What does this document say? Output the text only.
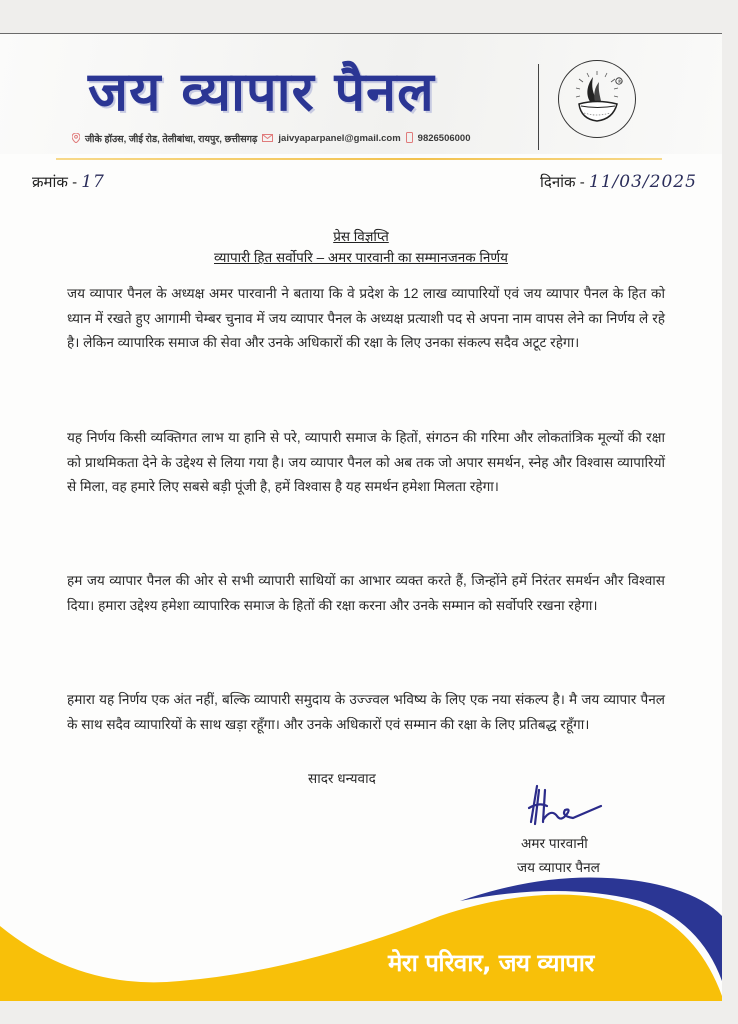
जय व्यापार पैनल
जीके हॉउस, जीई रोड, तेलीबांधा, रायपुर, छत्तीसगढ़ jaivyaparpanel@gmail.com 9826506000
®
क्रमांक - 17	दिनांक - 11/03/2025
प्रेस विज्ञप्ति
व्यापारी हित सर्वोपरि – अमर पारवानी का सम्मानजनक निर्णय
जय व्यापार पैनल के अध्यक्ष अमर पारवानी ने बताया कि वे प्रदेश के 12 लाख व्यापारियों एवं जय व्यापार पैनल के हित को ध्यान में रखते हुए आगामी चेम्बर चुनाव में जय व्यापार पैनल के अध्यक्ष प्रत्याशी पद से अपना नाम वापस लेने का निर्णय ले रहे है। लेकिन व्यापारिक समाज की सेवा और उनके अधिकारों की रक्षा के लिए उनका संकल्प सदैव अटूट रहेगा।
यह निर्णय किसी व्यक्तिगत लाभ या हानि से परे, व्यापारी समाज के हितों, संगठन की गरिमा और लोकतांत्रिक मूल्यों की रक्षा को प्राथमिकता देने के उद्देश्य से लिया गया है। जय व्यापार पैनल को अब तक जो अपार समर्थन, स्नेह और विश्वास व्यापारियों से मिला, वह हमारे लिए सबसे बड़ी पूंजी है, हमें विश्वास है यह समर्थन हमेशा मिलता रहेगा।
हम जय व्यापार पैनल की ओर से सभी व्यापारी साथियों का आभार व्यक्त करते हैं, जिन्होंने हमें निरंतर समर्थन और विश्वास दिया। हमारा उद्देश्य हमेशा व्यापारिक समाज के हितों की रक्षा करना और उनके सम्मान को सर्वोपरि रखना रहेगा।
हमारा यह निर्णय एक अंत नहीं, बल्कि व्यापारी समुदाय के उज्ज्वल भविष्य के लिए एक नया संकल्प है। मै जय व्यापार पैनल के साथ सदैव व्यापारियों के साथ खड़ा रहूँगा। और उनके अधिकारों एवं सम्मान की रक्षा के लिए प्रतिबद्ध रहूँगा।
सादर धन्यवाद
अमर पारवानी
जय व्यापार पैनल
मेरा परिवार, जय व्यापार
